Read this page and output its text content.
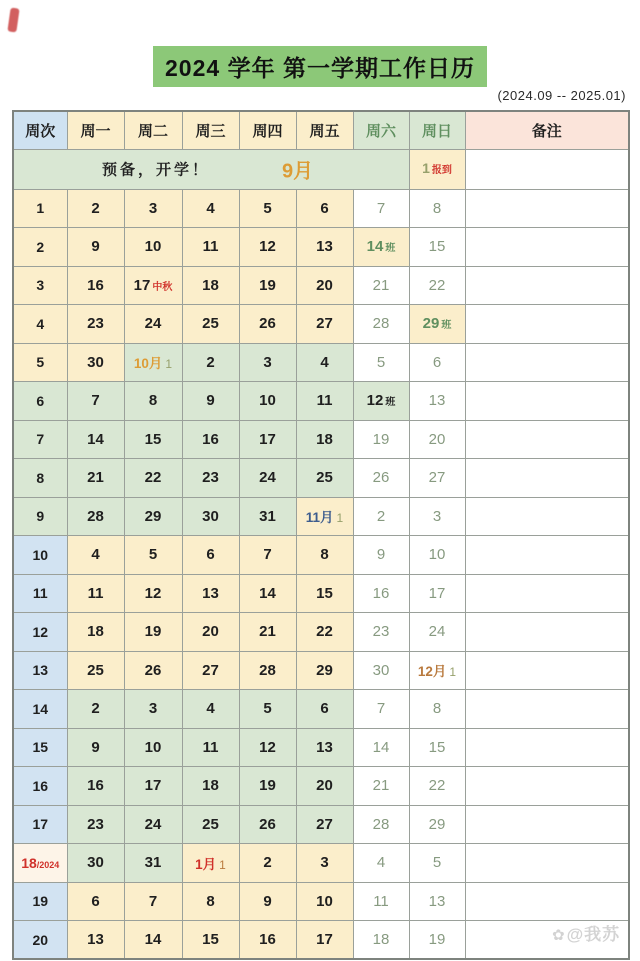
2024 学年 第一学期工作日历
(2024.09 -- 2025.01)
周次	周一	周二	周三	周四	周五	周六	周日	备注

预备，开学！ 9月							1 报到	
1	2	3	4	5	6	7	8	
2	9	10	11	12	13	14 班	15	
3	16	17 中秋	18	19	20	21	22	
4	23	24	25	26	27	28	29 班	
5	30	10月 1	2	3	4	5	6	
6	7	8	9	10	11	12 班	13	
7	14	15	16	17	18	19	20	
8	21	22	23	24	25	26	27	
9	28	29	30	31	11月 1	2	3	
10	4	5	6	7	8	9	10	
11	11	12	13	14	15	16	17	
12	18	19	20	21	22	23	24	
13	25	26	27	28	29	30	12月 1	
14	2	3	4	5	6	7	8	
15	9	10	11	12	13	14	15	
16	16	17	18	19	20	21	22	
17	23	24	25	26	27	28	29	
18/2024	30	31	1月 1	2	3	4	5	
19	6	7	8	9	10	11	13	
20	13	14	15	16	17	18	19		✿@我苏
